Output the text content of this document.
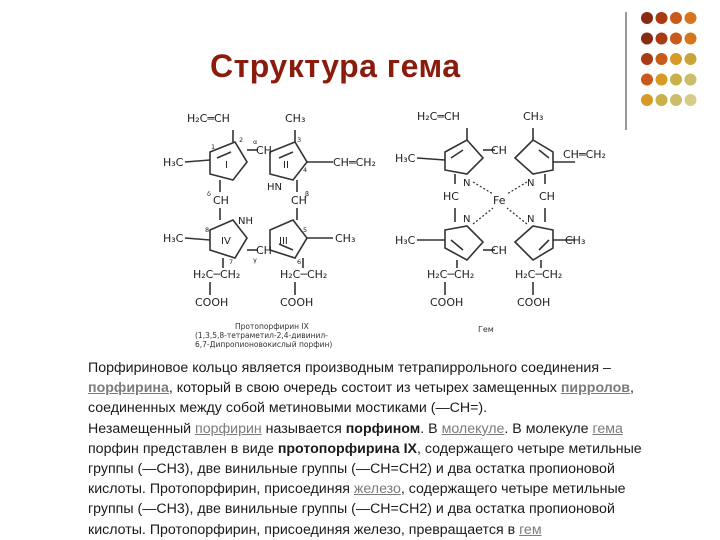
Структура гема
H₂C═CH	CH₃
H₃C
CH
CH═CH₂
I	II
III
IV
HN
NH
CH	CH
H₃C	CH₃
CH
H₂C─CH₂	H₂C─CH₂
COOH	COOH
1
2	3
4
5
6
7
8
α
β
γ
δ
H₂C═CH	CH₃
H₃C
CH	CH═CH₂
N	N
Fe
N	N
HC	CH
H₃C	CH₃
CH
H₂C─CH₂	H₂C─CH₂
COOH	COOH
Протопорфирин IX
(1,3,5,8-тетраметил-2,4-дивинил-
6,7-Дипропионовокислый порфин)
Гем
Порфириновое кольцо является производным тетрапиррольного соединения –
порфирина, который в свою очередь состоит из четырех замещенных пирролов,
соединенных между собой метиновыми мостиками (—СН=).
Незамещенный порфирин называется порфином. В молекуле. В молекуле гема
порфин представлен в виде протопорфирина IX, содержащего четыре метильные
группы (—СН3), две винильные группы (—СН=СН2) и два остатка пропионовой
кислоты. Протопорфирин, присоединяя железо, содержащего четыре метильные
группы (—СН3), две винильные группы (—СН=СН2) и два остатка пропионовой
кислоты. Протопорфирин, присоединяя железо, превращается в гем
